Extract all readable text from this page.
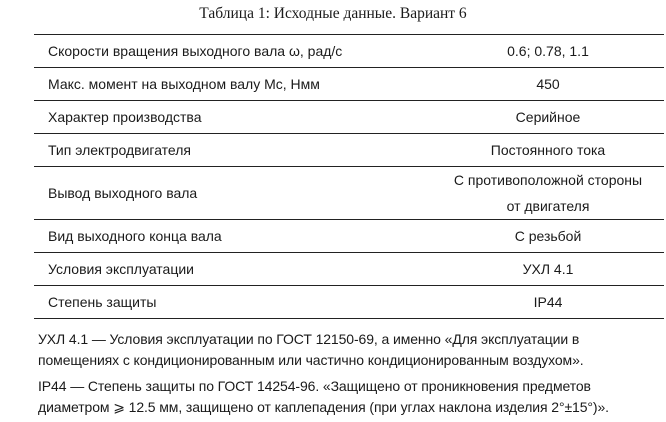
Таблица 1: Исходные данные. Вариант 6
Скорости вращения выходного вала ω, рад/с	0.6; 0.78, 1.1
Макс. момент на выходном валу Mc, Нмм	450
Характер производства	Серийное
Тип электродвигателя	Постоянного тока
Вывод выходного вала	С противоположной стороны
от двигателя

Вид выходного конца вала	С резьбой
Условия эксплуатации	УХЛ 4.1
Степень защиты	IP44
УХЛ 4.1 — Условия эксплуатации по ГОСТ 12150-69, а именно «Для эксплуатации в
помещениях с кондиционированным или частично кондиционированным воздухом».
IP44 — Степень защиты по ГОСТ 14254-96. «Защищено от проникновения предметов
диаметром ⩾ 12.5 мм, защищено от каплепадения (при углах наклона изделия 2°±15°)».
